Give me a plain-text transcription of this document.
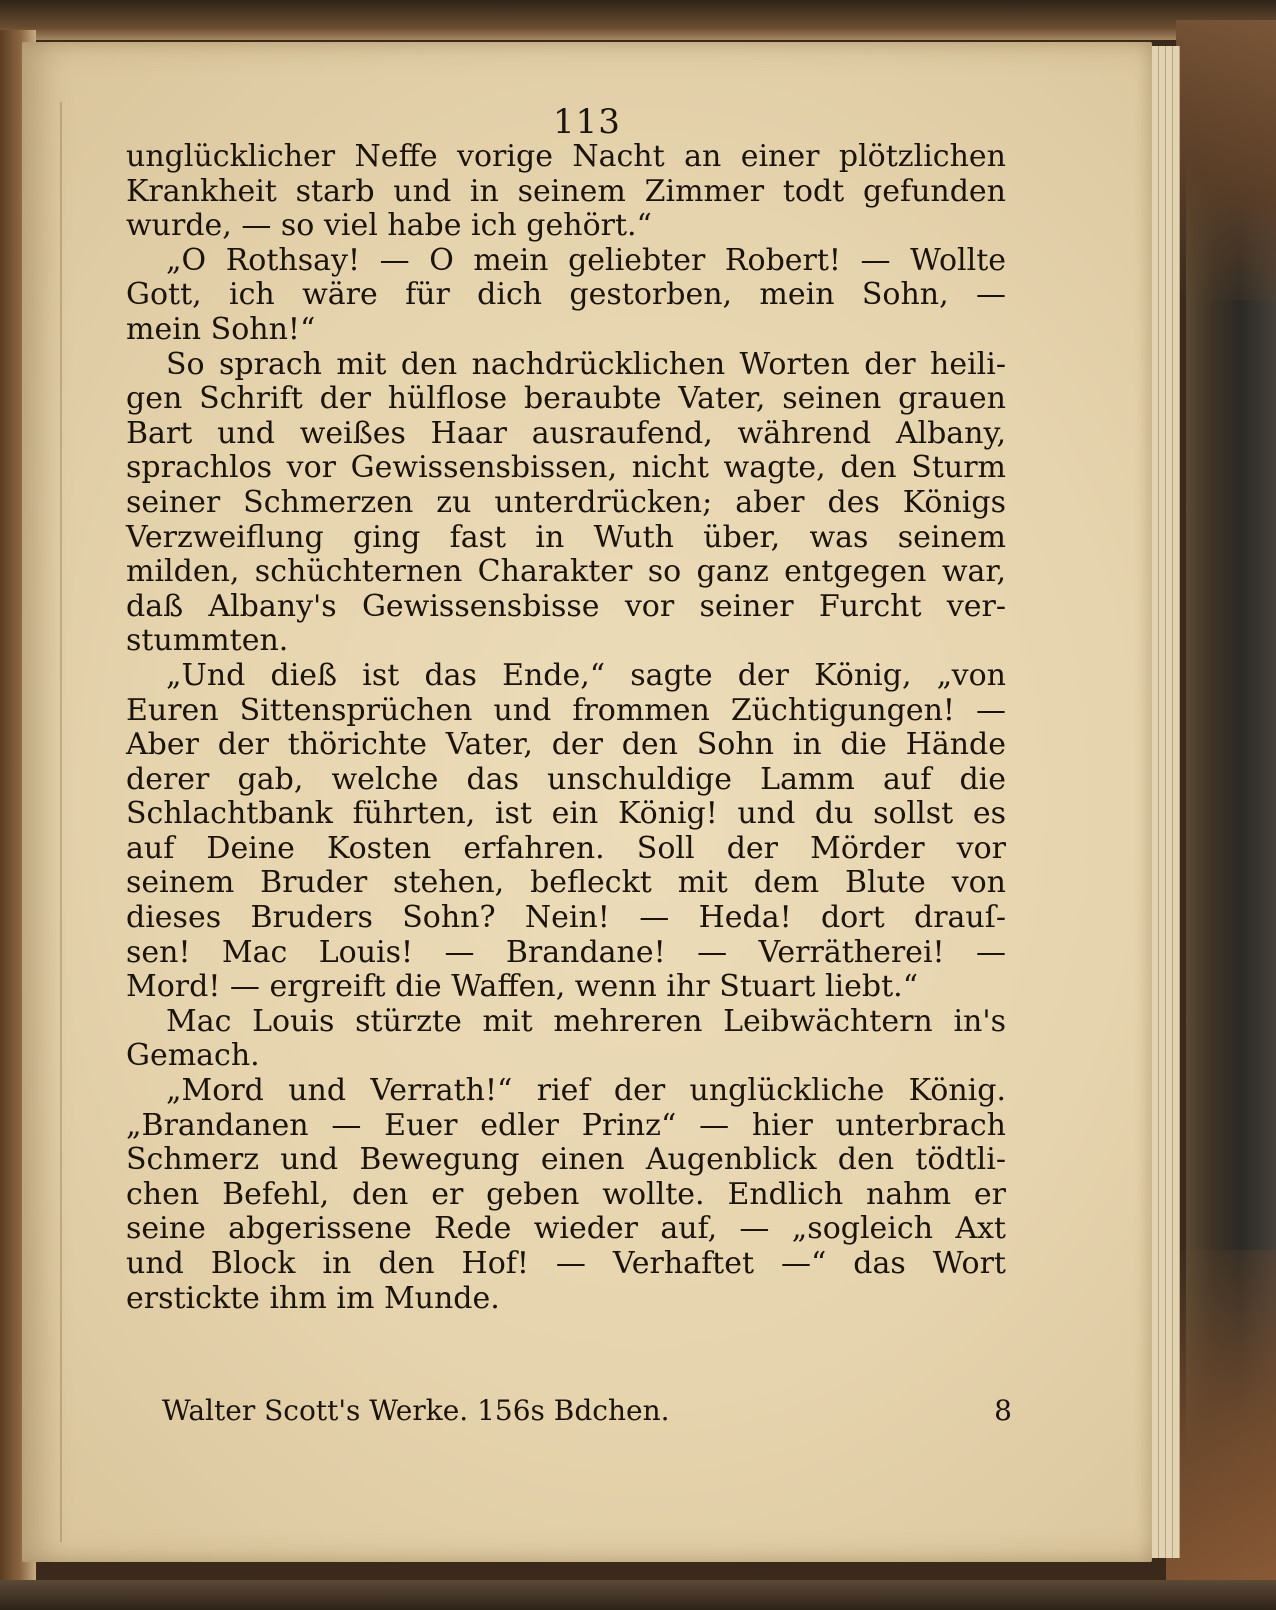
113
unglücklicher Neffe vorige Nacht an einer plötzlichen
Krankheit starb und in seinem Zimmer todt gefunden
wurde, — so viel habe ich gehört.“
„O Rothsay! — O mein geliebter Robert! — Wollte
Gott, ich wäre für dich gestorben, mein Sohn, —
mein Sohn!“
So sprach mit den nachdrücklichen Worten der heili-
gen Schrift der hülflose beraubte Vater, seinen grauen
Bart und weißes Haar ausraufend, während Albany,
sprachlos vor Gewissensbissen, nicht wagte, den Sturm
seiner Schmerzen zu unterdrücken; aber des Königs
Verzweiflung ging fast in Wuth über, was seinem
milden, schüchternen Charakter so ganz entgegen war,
daß Albany's Gewissensbisse vor seiner Furcht ver-
stummten.
„Und dieß ist das Ende,“ sagte der König, „von
Euren Sittensprüchen und frommen Züchtigungen! —
Aber der thörichte Vater, der den Sohn in die Hände
derer gab, welche das unschuldige Lamm auf die
Schlachtbank führten, ist ein König! und du sollst es
auf Deine Kosten erfahren. Soll der Mörder vor
seinem Bruder stehen, befleckt mit dem Blute von
dieses Bruders Sohn? Nein! — Heda! dort drauſ-
sen! Mac Louis! — Brandane! — Verrätherei! —
Mord! — ergreift die Waffen, wenn ihr Stuart liebt.“
Mac Louis stürzte mit mehreren Leibwächtern in's
Gemach.
„Mord und Verrath!“ rief der unglückliche König.
„Brandanen — Euer edler Prinz“ — hier unterbrach
Schmerz und Bewegung einen Augenblick den tödtli-
chen Befehl, den er geben wollte. Endlich nahm er
seine abgerissene Rede wieder auf, — „sogleich Axt
und Block in den Hof! — Verhaftet —“ das Wort
erstickte ihm im Munde.
Walter Scott's Werke. 156s Bdchen.	8
